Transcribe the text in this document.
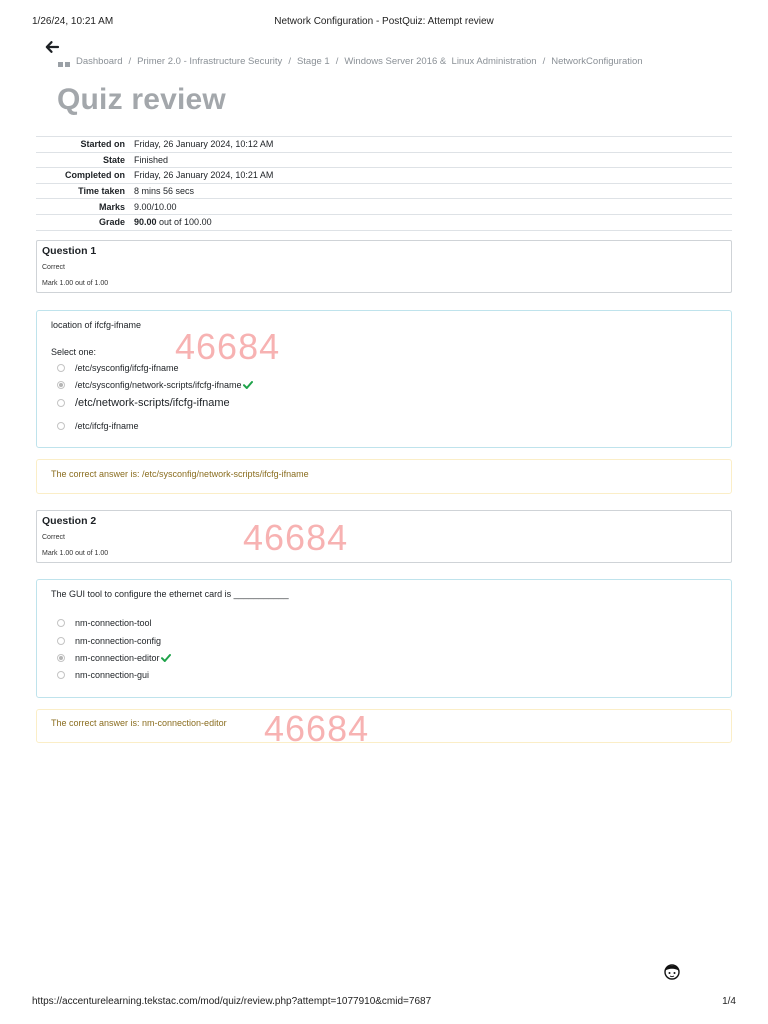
1/26/24, 10:21 AM	Network Configuration - PostQuiz: Attempt review
Dashboard / Primer 2.0 - Infrastructure Security / Stage 1 / Windows Server 2016 &  Linux Administration / NetworkConfiguration
Quiz review
Started on	Friday, 26 January 2024, 10:12 AM
State	Finished
Completed on	Friday, 26 January 2024, 10:21 AM
Time taken	8 mins 56 secs
Marks	9.00/10.00
Grade	90.00 out of 100.00
Question 1
Correct
Mark 1.00 out of 1.00
location of ifcfg-ifname
Select one:
/etc/sysconfig/ifcfg-ifname
/etc/sysconfig/network-scripts/ifcfg-ifname
/etc/network-scripts/ifcfg-ifname
/etc/ifcfg-ifname
The correct answer is: /etc/sysconfig/network-scripts/ifcfg-ifname
Question 2
Correct
Mark 1.00 out of 1.00
The GUI tool to configure the ethernet card is ___________
nm-connection-tool
nm-connection-config
nm-connection-editor
nm-connection-gui
The correct answer is: nm-connection-editor
46684
46684
46684
https://accenturelearning.tekstac.com/mod/quiz/review.php?attempt=1077910&cmid=7687	1/4
